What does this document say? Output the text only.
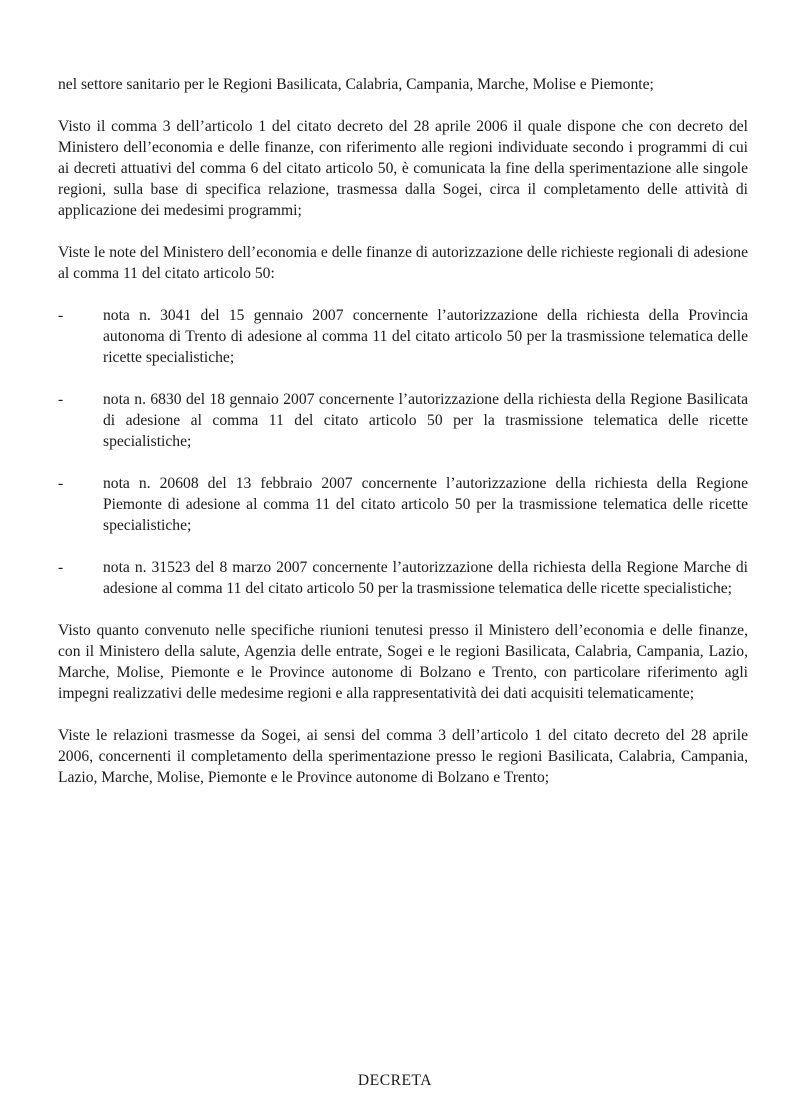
nel settore sanitario per le Regioni Basilicata, Calabria, Campania, Marche, Molise e Piemonte;

Visto il comma 3 dell’articolo 1 del citato decreto del 28 aprile 2006 il quale dispone che con decreto del Ministero dell’economia e delle finanze, con riferimento alle regioni individuate secondo i programmi di cui ai decreti attuativi del comma 6 del citato articolo 50, è comunicata la fine della sperimentazione alle singole regioni, sulla base di specifica relazione, trasmessa dalla Sogei, circa il completamento delle attività di applicazione dei medesimi programmi;

Viste le note del Ministero dell’economia e delle finanze di autorizzazione delle richieste regionali di adesione al comma 11 del citato articolo 50:

-	nota n. 3041 del 15 gennaio 2007 concernente l’autorizzazione della richiesta della Provincia autonoma di Trento di adesione al comma 11 del citato articolo 50 per la trasmissione telematica delle ricette specialistiche;
-	nota n. 6830 del 18 gennaio 2007 concernente l’autorizzazione della richiesta della Regione Basilicata di adesione al comma 11 del citato articolo 50 per la trasmissione telematica delle ricette specialistiche;
-	nota n. 20608 del 13 febbraio 2007 concernente l’autorizzazione della richiesta della Regione Piemonte di adesione al comma 11 del citato articolo 50 per la trasmissione telematica delle ricette specialistiche;
-	nota n. 31523 del 8 marzo 2007 concernente l’autorizzazione della richiesta della Regione Marche di adesione al comma 11 del citato articolo 50 per la trasmissione telematica delle ricette specialistiche;

Visto quanto convenuto nelle specifiche riunioni tenutesi presso il Ministero dell’economia e delle finanze, con il Ministero della salute, Agenzia delle entrate, Sogei e le regioni Basilicata, Calabria, Campania, Lazio, Marche, Molise, Piemonte e le Province autonome di Bolzano e Trento, con particolare riferimento agli impegni realizzativi delle medesime regioni e alla rappresentatività dei dati acquisiti telematicamente;

Viste le relazioni trasmesse da Sogei, ai sensi del comma 3 dell’articolo 1 del citato decreto del 28 aprile 2006, concernenti il completamento della sperimentazione presso le regioni Basilicata, Calabria, Campania, Lazio, Marche, Molise, Piemonte e le Province autonome di Bolzano e Trento;

DECRETA
